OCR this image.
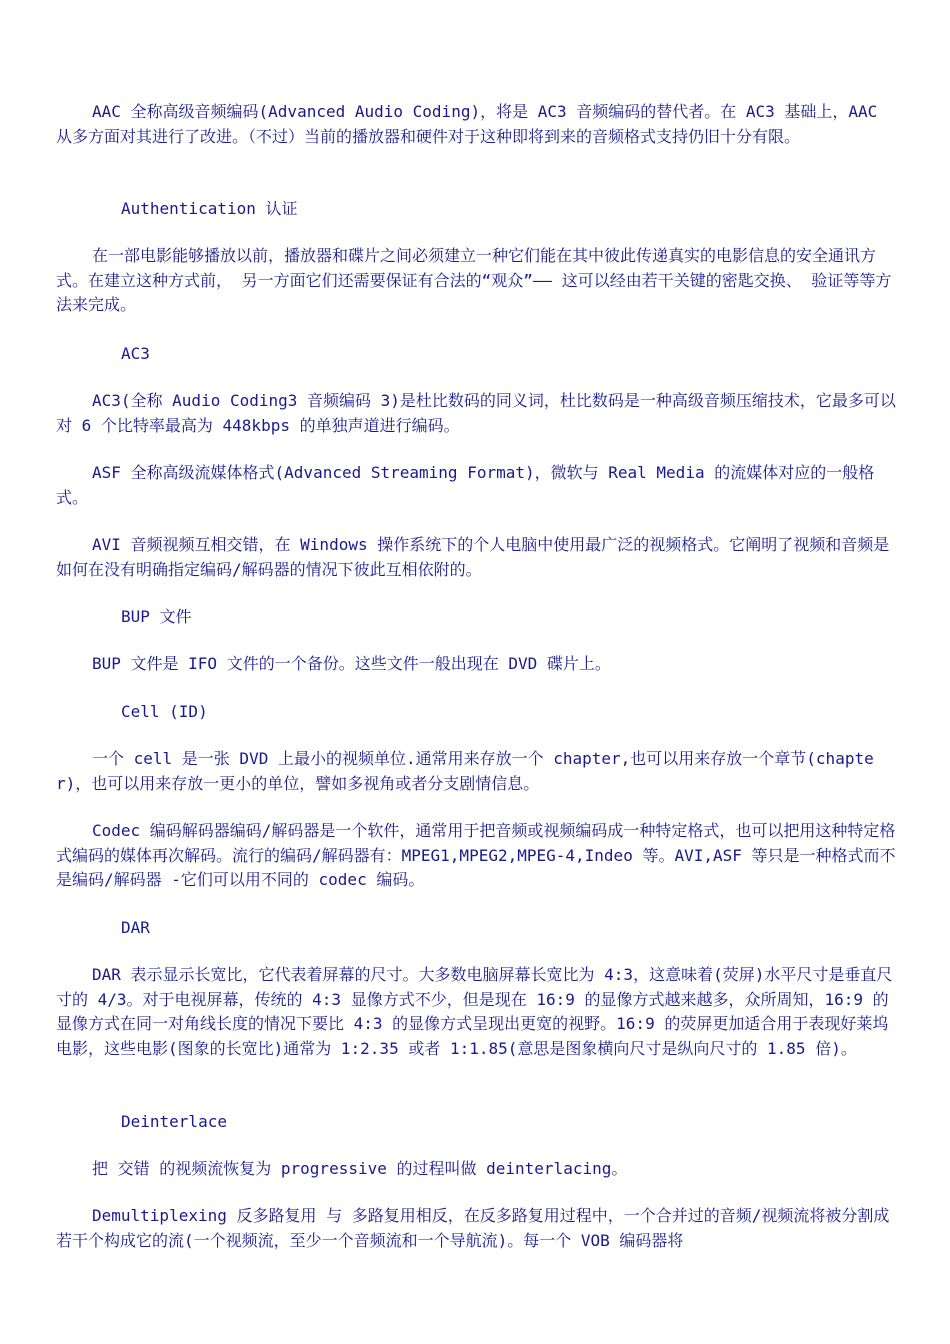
AAC 全称高级音频编码(Advanced Audio Coding)，将是 AC3 音频编码的替代者。在 AC3 基础上，AAC 从多方面对其进行了改进。（不过）当前的播放器和硬件对于这种即将到来的音频格式支持仍旧十分有限。
Authentication 认证
在一部电影能够播放以前，播放器和碟片之间必须建立一种它们能在其中彼此传递真实的电影信息的安全通讯方式。在建立这种方式前， 另一方面它们还需要保证有合法的“观众”—— 这可以经由若干关键的密匙交换、 验证等等方法来完成。
AC3
AC3(全称 Audio Coding3 音频编码 3)是杜比数码的同义词，杜比数码是一种高级音频压缩技术，它最多可以对 6 个比特率最高为 448kbps 的单独声道进行编码。
ASF 全称高级流媒体格式(Advanced Streaming Format)，微软与 Real Media 的流媒体对应的一般格式。
AVI 音频视频互相交错，在 Windows 操作系统下的个人电脑中使用最广泛的视频格式。它阐明了视频和音频是如何在没有明确指定编码/解码器的情况下彼此互相依附的。
BUP 文件
BUP 文件是 IFO 文件的一个备份。这些文件一般出现在 DVD 碟片上。
Cell (ID)
一个 cell 是一张 DVD 上最小的视频单位.通常用来存放一个 chapter,也可以用来存放一个章节(chapter)，也可以用来存放一更小的单位，譬如多视角或者分支剧情信息。
Codec 编码解码器编码/解码器是一个软件，通常用于把音频或视频编码成一种特定格式，也可以把用这种特定格式编码的媒体再次解码。流行的编码/解码器有：MPEG1,MPEG2,MPEG-4,Indeo 等。AVI,ASF 等只是一种格式而不是编码/解码器 -它们可以用不同的 codec 编码。
DAR
DAR 表示显示长宽比，它代表着屏幕的尺寸。大多数电脑屏幕长宽比为 4:3，这意味着(荧屏)水平尺寸是垂直尺寸的 4/3。对于电视屏幕，传统的 4:3 显像方式不少，但是现在 16:9 的显像方式越来越多，众所周知，16:9 的显像方式在同一对角线长度的情况下要比 4:3 的显像方式呈现出更宽的视野。16:9 的荧屏更加适合用于表现好莱坞电影，这些电影(图象的长宽比)通常为 1:2.35 或者 1:1.85(意思是图象横向尺寸是纵向尺寸的 1.85 倍)。
Deinterlace
把 交错 的视频流恢复为 progressive 的过程叫做 deinterlacing。
Demultiplexing 反多路复用 与 多路复用相反，在反多路复用过程中，一个合并过的音频/视频流将被分割成若干个构成它的流(一个视频流，至少一个音频流和一个导航流)。每一个 VOB 编码器将
